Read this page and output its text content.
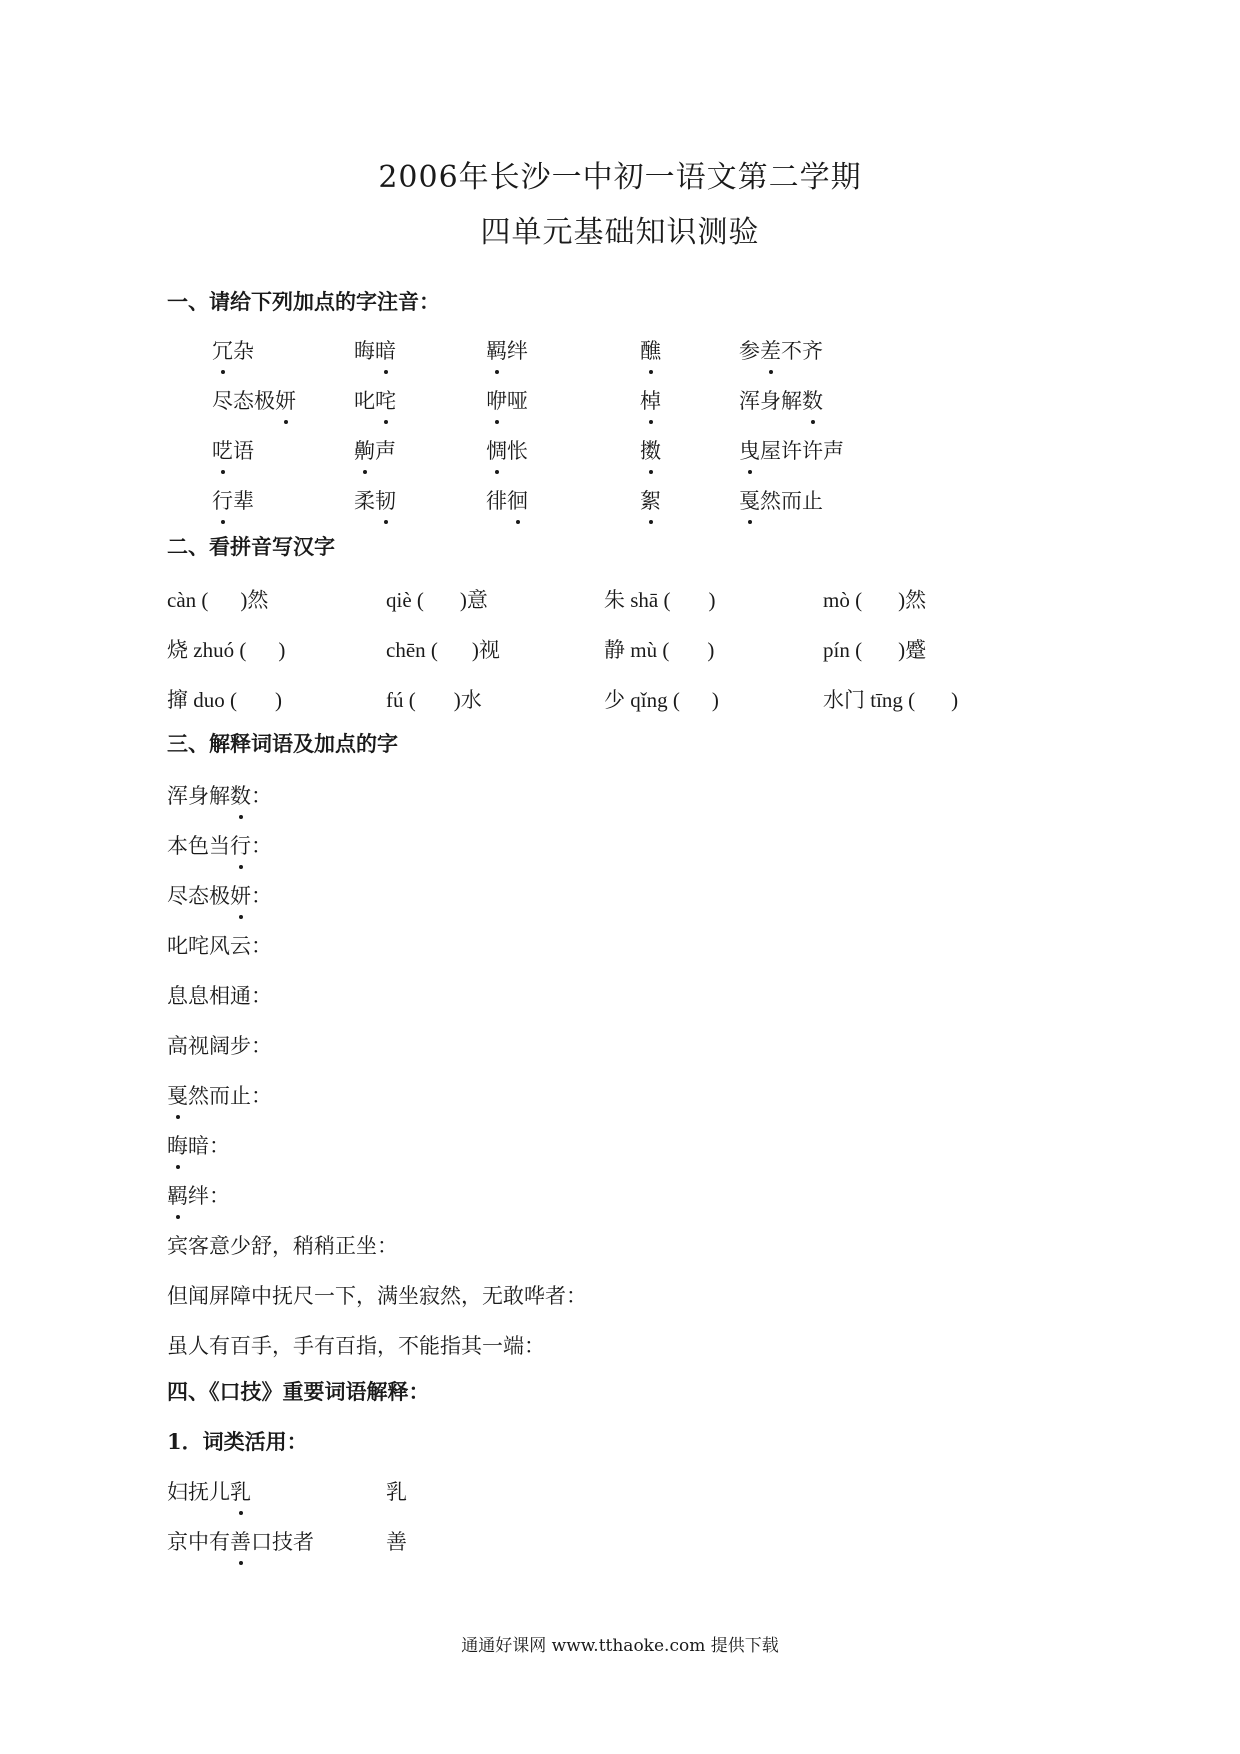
2006年长沙一中初一语文第二学期
四单元基础知识测验
一、请给下列加点的字注音：
冗杂	晦暗	羁绊	醮	参差不齐
尽态极妍	叱咤	咿哑	棹	浑身解数
呓语	齁声	惆怅	擞	曳屋许许声
行辈	柔韧	徘徊	絮	戛然而止
二、看拼音写汉字
càn ( )然	qiè ( )意	朱 shā ( )	mò ( )然
烧 zhuó ( )	chēn ( )视	静 mù ( )	pín ( )蹙
撺 duo ( )	fú ( )水	少 qǐng ( )	水门 tīng ( )
三、解释词语及加点的字
浑身解数：
本色当行：
尽态极妍：
叱咤风云：
息息相通：
高视阔步：
戛然而止：
晦暗：
羁绊：
宾客意少舒，稍稍正坐：
但闻屏障中抚尺一下，满坐寂然，无敢哗者：
虽人有百手，手有百指，不能指其一端：
四、《口技》重要词语解释：
1．词类活用：
妇抚儿乳	乳
京中有善口技者	善
通通好课网 www.tthaoke.com 提供下载
